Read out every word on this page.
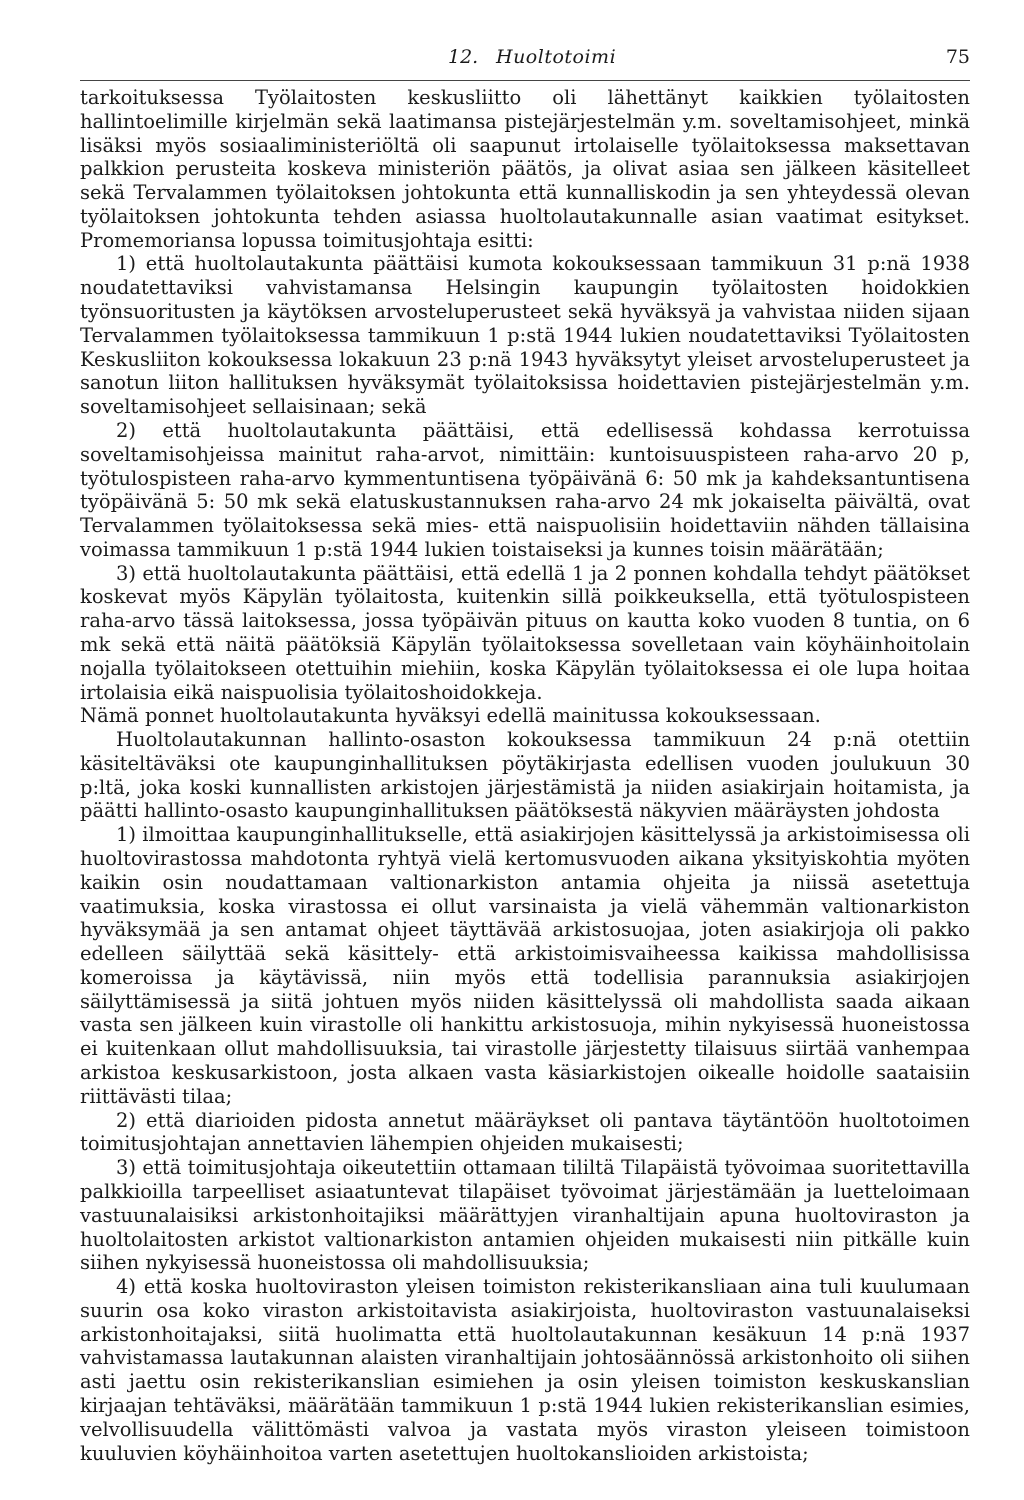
12. Huoltotoimi	75

tarkoituksessa Työlaitosten keskusliitto oli lähettänyt kaikkien työlaitosten hallintoelimille kirjelmän sekä laatimansa pistejärjestelmän y.m. soveltamisohjeet, minkä lisäksi myös sosiaaliministeriöltä oli saapunut irtolaiselle työlaitoksessa maksettavan palkkion perusteita koskeva ministeriön päätös, ja olivat asiaa sen jälkeen käsitelleet sekä Tervalammen työlaitoksen johtokunta että kunnalliskodin ja sen yhteydessä olevan työlaitoksen johtokunta tehden asiassa huoltolautakunnalle asian vaatimat esitykset. Promemoriansa lopussa toimitusjohtaja esitti:

1) että huoltolautakunta päättäisi kumota kokouksessaan tammikuun 31 p:nä 1938 noudatettaviksi vahvistamansa Helsingin kaupungin työlaitosten hoidokkien työnsuoritusten ja käytöksen arvosteluperusteet sekä hyväksyä ja vahvistaa niiden sijaan Tervalammen työlaitoksessa tammikuun 1 p:stä 1944 lukien noudatettaviksi Työlaitosten Keskusliiton kokouksessa lokakuun 23 p:nä 1943 hyväksytyt yleiset arvosteluperusteet ja sanotun liiton hallituksen hyväksymät työlaitoksissa hoidettavien pistejärjestelmän y.m. soveltamisohjeet sellaisinaan; sekä

2) että huoltolautakunta päättäisi, että edellisessä kohdassa kerrotuissa soveltamisohjeissa mainitut raha-arvot, nimittäin: kuntoisuuspisteen raha-arvo 20 p, työtulospisteen raha-arvo kymmentuntisena työpäivänä 6: 50 mk ja kahdeksantuntisena työpäivänä 5: 50 mk sekä elatuskustannuksen raha-arvo 24 mk jokaiselta päivältä, ovat Tervalammen työlaitoksessa sekä mies- että naispuolisiin hoidettaviin nähden tällaisina voimassa tammikuun 1 p:stä 1944 lukien toistaiseksi ja kunnes toisin määrätään;

3) että huoltolautakunta päättäisi, että edellä 1 ja 2 ponnen kohdalla tehdyt päätökset koskevat myös Käpylän työlaitosta, kuitenkin sillä poikkeuksella, että työtulospisteen raha-arvo tässä laitoksessa, jossa työpäivän pituus on kautta koko vuoden 8 tuntia, on 6 mk sekä että näitä päätöksiä Käpylän työlaitoksessa sovelletaan vain köyhäinhoitolain nojalla työlaitokseen otettuihin miehiin, koska Käpylän työlaitoksessa ei ole lupa hoitaa irtolaisia eikä naispuolisia työlaitoshoidokkeja.

Nämä ponnet huoltolautakunta hyväksyi edellä mainitussa kokouksessaan.

Huoltolautakunnan hallinto-osaston kokouksessa tammikuun 24 p:nä otettiin käsiteltäväksi ote kaupunginhallituksen pöytäkirjasta edellisen vuoden joulukuun 30 p:ltä, joka koski kunnallisten arkistojen järjestämistä ja niiden asiakirjain hoitamista, ja päätti hallinto-osasto kaupunginhallituksen päätöksestä näkyvien määräysten johdosta

1) ilmoittaa kaupunginhallitukselle, että asiakirjojen käsittelyssä ja arkistoimisessa oli huoltovirastossa mahdotonta ryhtyä vielä kertomusvuoden aikana yksityiskohtia myöten kaikin osin noudattamaan valtionarkiston antamia ohjeita ja niissä asetettuja vaatimuksia, koska virastossa ei ollut varsinaista ja vielä vähemmän valtionarkiston hyväksymää ja sen antamat ohjeet täyttävää arkistosuojaa, joten asiakirjoja oli pakko edelleen säilyttää sekä käsittely- että arkistoimisvaiheessa kaikissa mahdollisissa komeroissa ja käytävissä, niin myös että todellisia parannuksia asiakirjojen säilyttämisessä ja siitä johtuen myös niiden käsittelyssä oli mahdollista saada aikaan vasta sen jälkeen kuin virastolle oli hankittu arkistosuoja, mihin nykyisessä huoneistossa ei kuitenkaan ollut mahdollisuuksia, tai virastolle järjestetty tilaisuus siirtää vanhempaa arkistoa keskusarkistoon, josta alkaen vasta käsiarkistojen oikealle hoidolle saataisiin riittävästi tilaa;

2) että diarioiden pidosta annetut määräykset oli pantava täytäntöön huoltotoimen toimitusjohtajan annettavien lähempien ohjeiden mukaisesti;

3) että toimitusjohtaja oikeutettiin ottamaan tililtä Tilapäistä työvoimaa suoritettavilla palkkioilla tarpeelliset asiaatuntevat tilapäiset työvoimat järjestämään ja luetteloimaan vastuunalaisiksi arkistonhoitajiksi määrättyjen viranhaltijain apuna huoltoviraston ja huoltolaitosten arkistot valtionarkiston antamien ohjeiden mukaisesti niin pitkälle kuin siihen nykyisessä huoneistossa oli mahdollisuuksia;

4) että koska huoltoviraston yleisen toimiston rekisterikansliaan aina tuli kuulumaan suurin osa koko viraston arkistoitavista asiakirjoista, huoltoviraston vastuunalaiseksi arkistonhoitajaksi, siitä huolimatta että huoltolautakunnan kesäkuun 14 p:nä 1937 vahvistamassa lautakunnan alaisten viranhaltijain johtosäännössä arkistonhoito oli siihen asti jaettu osin rekisterikanslian esimiehen ja osin yleisen toimiston keskuskanslian kirjaajan tehtäväksi, määrätään tammikuun 1 p:stä 1944 lukien rekisterikanslian esimies, velvollisuudella välittömästi valvoa ja vastata myös viraston yleiseen toimistoon kuuluvien köyhäinhoitoa varten asetettujen huoltokanslioiden arkistoista;
